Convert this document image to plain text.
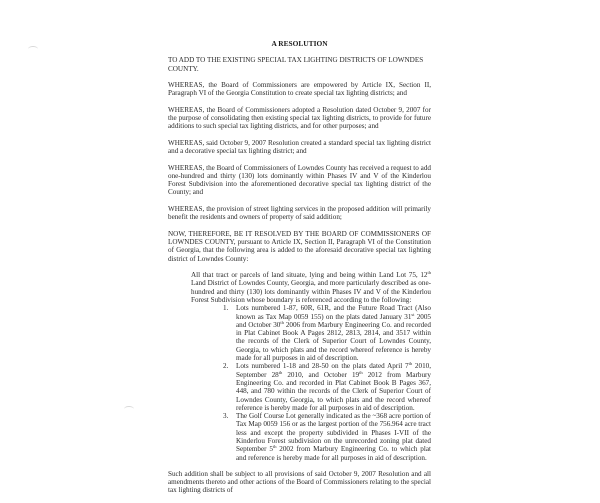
A RESOLUTION
TO ADD TO THE EXISTING SPECIAL TAX LIGHTING DISTRICTS OF LOWNDES COUNTY.

WHEREAS, the Board of Commissioners are empowered by Article IX, Section II, Paragraph VI of the Georgia Constitution to create special tax lighting districts; and

WHEREAS, the Board of Commissioners adopted a Resolution dated October 9, 2007 for the purpose of consolidating then existing special tax lighting districts, to provide for future additions to such special tax lighting districts, and for other purposes; and

WHEREAS, said October 9, 2007 Resolution created a standard special tax lighting district and a decorative special tax lighting district; and

WHEREAS, the Board of Commissioners of Lowndes County has received a request to add one-hundred and thirty (130) lots dominantly within Phases IV and V of the Kinderlou Forest Subdivision into the aforementioned decorative special tax lighting district of the County; and

WHEREAS, the provision of street lighting services in the proposed addition will primarily benefit the residents and owners of property of said addition;

NOW, THEREFORE, BE IT RESOLVED BY THE BOARD OF COMMISSIONERS OF LOWNDES COUNTY, pursuant to Article IX, Section II, Paragraph VI of the Constitution of Georgia, that the following area is added to the aforesaid decorative special tax lighting district of Lowndes County:

All that tract or parcels of land situate, lying and being within Land Lot 75, 12th Land District of Lowndes County, Georgia, and more particularly described as one-hundred and thirty (130) lots dominantly within Phases IV and V of the Kinderlou Forest Subdivision whose boundary is referenced according to the following:
1. Lots numbered 1-87, 60R, 61R, and the Future Road Tract (Also known as Tax Map 0059 155) on the plats dated January 31st 2005 and October 30th 2006 from Marbury Engineering Co. and recorded in Plat Cabinet Book A Pages 2812, 2813, 2814, and 3517 within the records of the Clerk of Superior Court of Lowndes County, Georgia, to which plats and the record whereof reference is hereby made for all purposes in aid of description.
2. Lots numbered 1-18 and 28-50 on the plats dated April 7th 2010, September 28th 2010, and October 19th 2012 from Marbury Engineering Co. and recorded in Plat Cabinet Book B Pages 367, 448, and 780 within the records of the Clerk of Superior Court of Lowndes County, Georgia, to which plats and the record whereof reference is hereby made for all purposes in aid of description.
3. The Golf Course Lot generally indicated as the ~368 acre portion of Tax Map 0059 156 or as the largest portion of the 756.964 acre tract less and except the property subdivided in Phases I-VII of the Kinderlou Forest subdivision on the unrecorded zoning plat dated September 5th 2002 from Marbury Engineering Co. to which plat and reference is hereby made for all purposes in aid of description.

Such addition shall be subject to all provisions of said October 9, 2007 Resolution and all amendments thereto and other actions of the Board of Commissioners relating to the special tax lighting districts of
